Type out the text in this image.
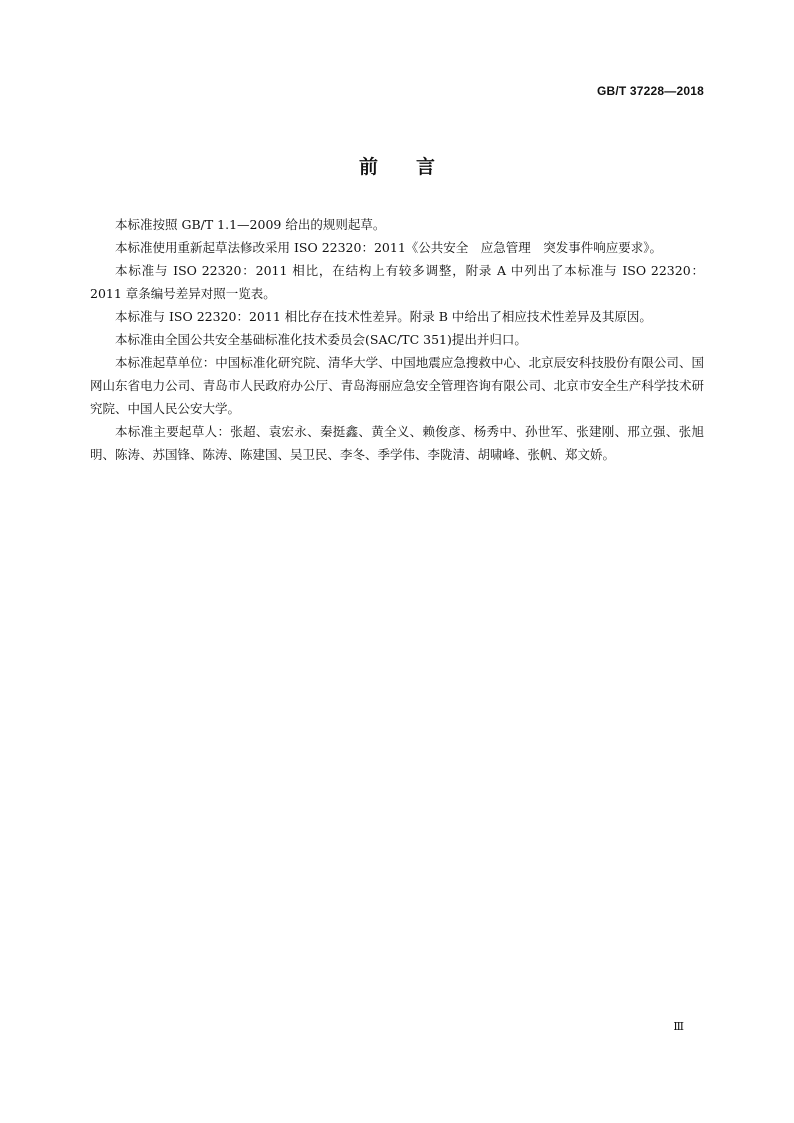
GB/T 37228—2018
前 言

本标准按照 GB/T 1.1—2009 给出的规则起草。

本标准使用重新起草法修改采用 ISO 22320：2011《公共安全　应急管理　突发事件响应要求》。

本标准与 ISO 22320：2011 相比，在结构上有较多调整，附录 A 中列出了本标准与 ISO 22320：2011 章条编号差异对照一览表。

本标准与 ISO 22320：2011 相比存在技术性差异。附录 B 中给出了相应技术性差异及其原因。

本标准由全国公共安全基础标准化技术委员会(SAC/TC 351)提出并归口。

本标准起草单位：中国标准化研究院、清华大学、中国地震应急搜救中心、北京辰安科技股份有限公司、国网山东省电力公司、青岛市人民政府办公厅、青岛海丽应急安全管理咨询有限公司、北京市安全生产科学技术研究院、中国人民公安大学。

本标准主要起草人：张超、袁宏永、秦挺鑫、黄全义、赖俊彦、杨秀中、孙世军、张建刚、邢立强、张旭明、陈涛、苏国锋、陈涛、陈建国、吴卫民、李冬、季学伟、李陇清、胡啸峰、张帆、郑文娇。

Ⅲ
